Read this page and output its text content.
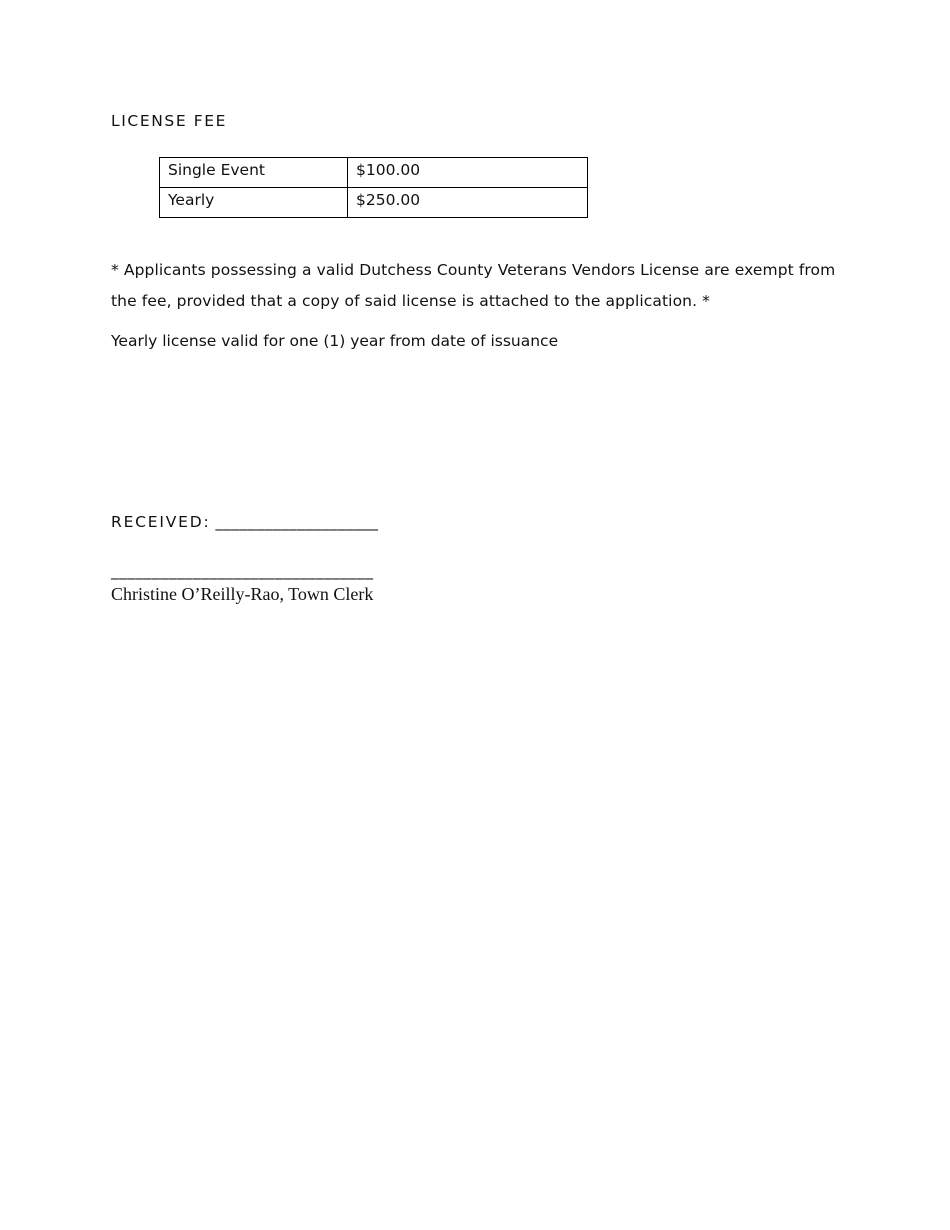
LICENSE FEE
Single Event	$100.00
Yearly	$250.00
* Applicants possessing a valid Dutchess County Veterans Vendors License are exempt from the fee, provided that a copy of said license is attached to the application. *
Yearly license valid for one (1) year from date of issuance
RECEIVED: ____________________
________________________________
Christine O’Reilly-Rao, Town Clerk
